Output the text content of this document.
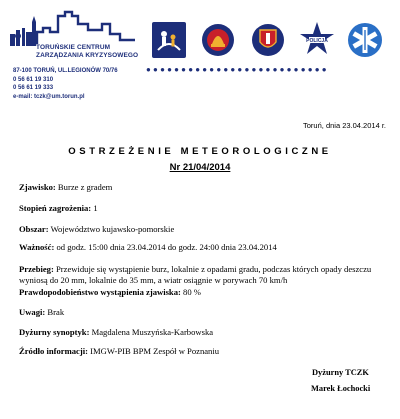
TORUŃSKIE CENTRUM
ZARZĄDZANIA KRYZYSOWEGO
87-100 TORUŃ, UL.LEGIONÓW 70/76
0 56 61 19 310
0 56 61 19 333
e-mail: tczk@um.torun.pl
POLICJA
●●●●●●●●●●●●●●●●●●●●●●●●●●
Toruń, dnia 23.04.2014 r.
OSTRZEŻENIE METEOROLOGICZNE
Nr 21/04/2014
Zjawisko: Burze z gradem
Stopień zagrożenia: 1
Obszar: Województwo kujawsko-pomorskie
Ważność: od godz. 15:00 dnia 23.04.2014 do godz. 24:00 dnia 23.04.2014
Przebieg: Przewiduje się wystąpienie burz, lokalnie z opadami gradu, podczas których opady deszczu wyniosą do 20 mm, lokalnie do 35 mm, a wiatr osiągnie w porywach 70 km/h
Prawdopodobieństwo wystąpienia zjawiska: 80 %
Uwagi: Brak
Dyżurny synoptyk: Magdalena Muszyńska-Karbowska
Źródło informacji: IMGW-PIB BPM Zespół w Poznaniu
Dyżurny TCZK
Marek Łochocki
